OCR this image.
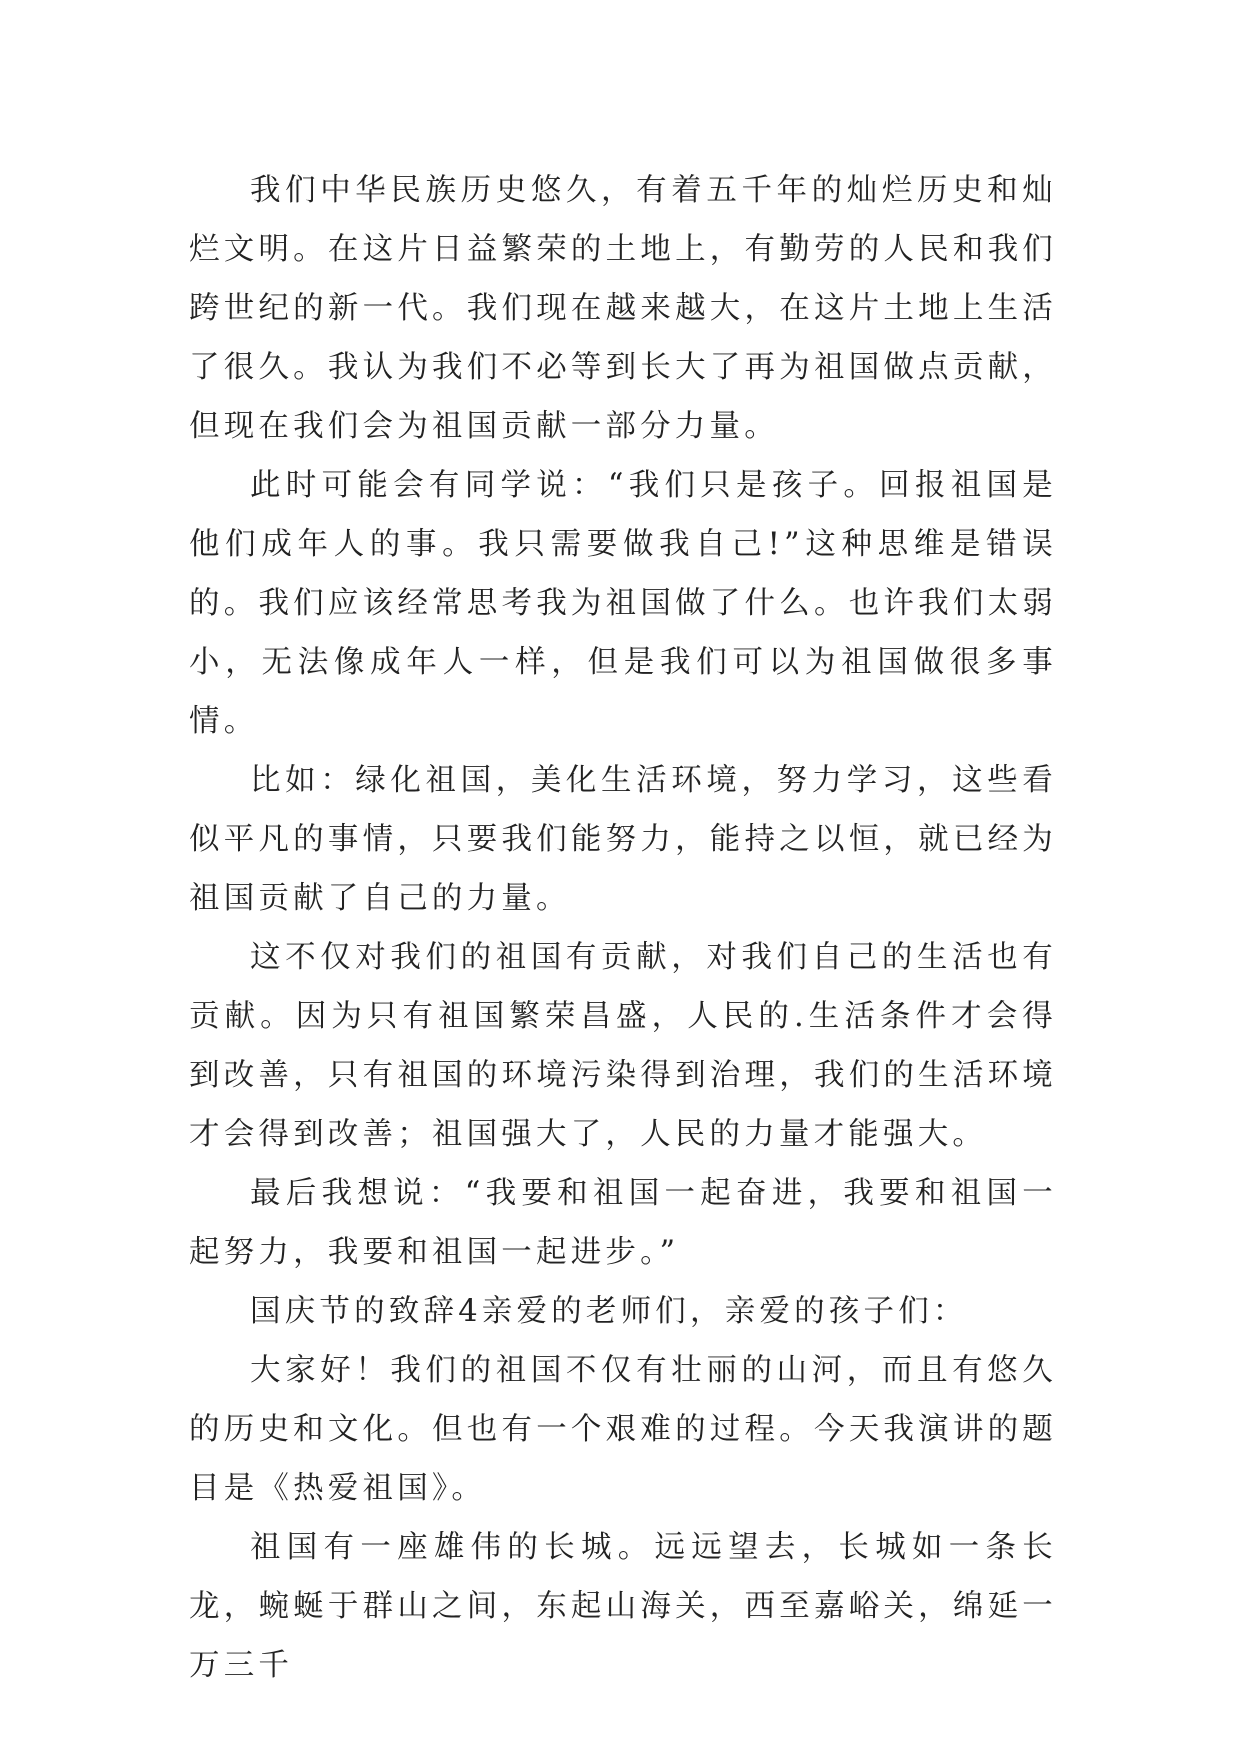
我们中华民族历史悠久，有着五千年的灿烂历史和灿烂文明。在这片日益繁荣的土地上，有勤劳的人民和我们跨世纪的新一代。我们现在越来越大，在这片土地上生活了很久。我认为我们不必等到长大了再为祖国做点贡献，但现在我们会为祖国贡献一部分力量。

此时可能会有同学说：“我们只是孩子。回报祖国是他们成年人的事。我只需要做我自己!”这种思维是错误的。我们应该经常思考我为祖国做了什么。也许我们太弱小，无法像成年人一样，但是我们可以为祖国做很多事情。

比如：绿化祖国，美化生活环境，努力学习，这些看似平凡的事情，只要我们能努力，能持之以恒，就已经为祖国贡献了自己的力量。

这不仅对我们的祖国有贡献，对我们自己的生活也有贡献。因为只有祖国繁荣昌盛，人民的.生活条件才会得到改善，只有祖国的环境污染得到治理，我们的生活环境才会得到改善；祖国强大了，人民的力量才能强大。

最后我想说：“我要和祖国一起奋进，我要和祖国一起努力，我要和祖国一起进步。”

国庆节的致辞4亲爱的老师们，亲爱的孩子们：

大家好！我们的祖国不仅有壮丽的山河，而且有悠久的历史和文化。但也有一个艰难的过程。今天我演讲的题目是《热爱祖国》。

祖国有一座雄伟的长城。远远望去，长城如一条长龙，蜿蜒于群山之间，东起山海关，西至嘉峪关，绵延一万三千
